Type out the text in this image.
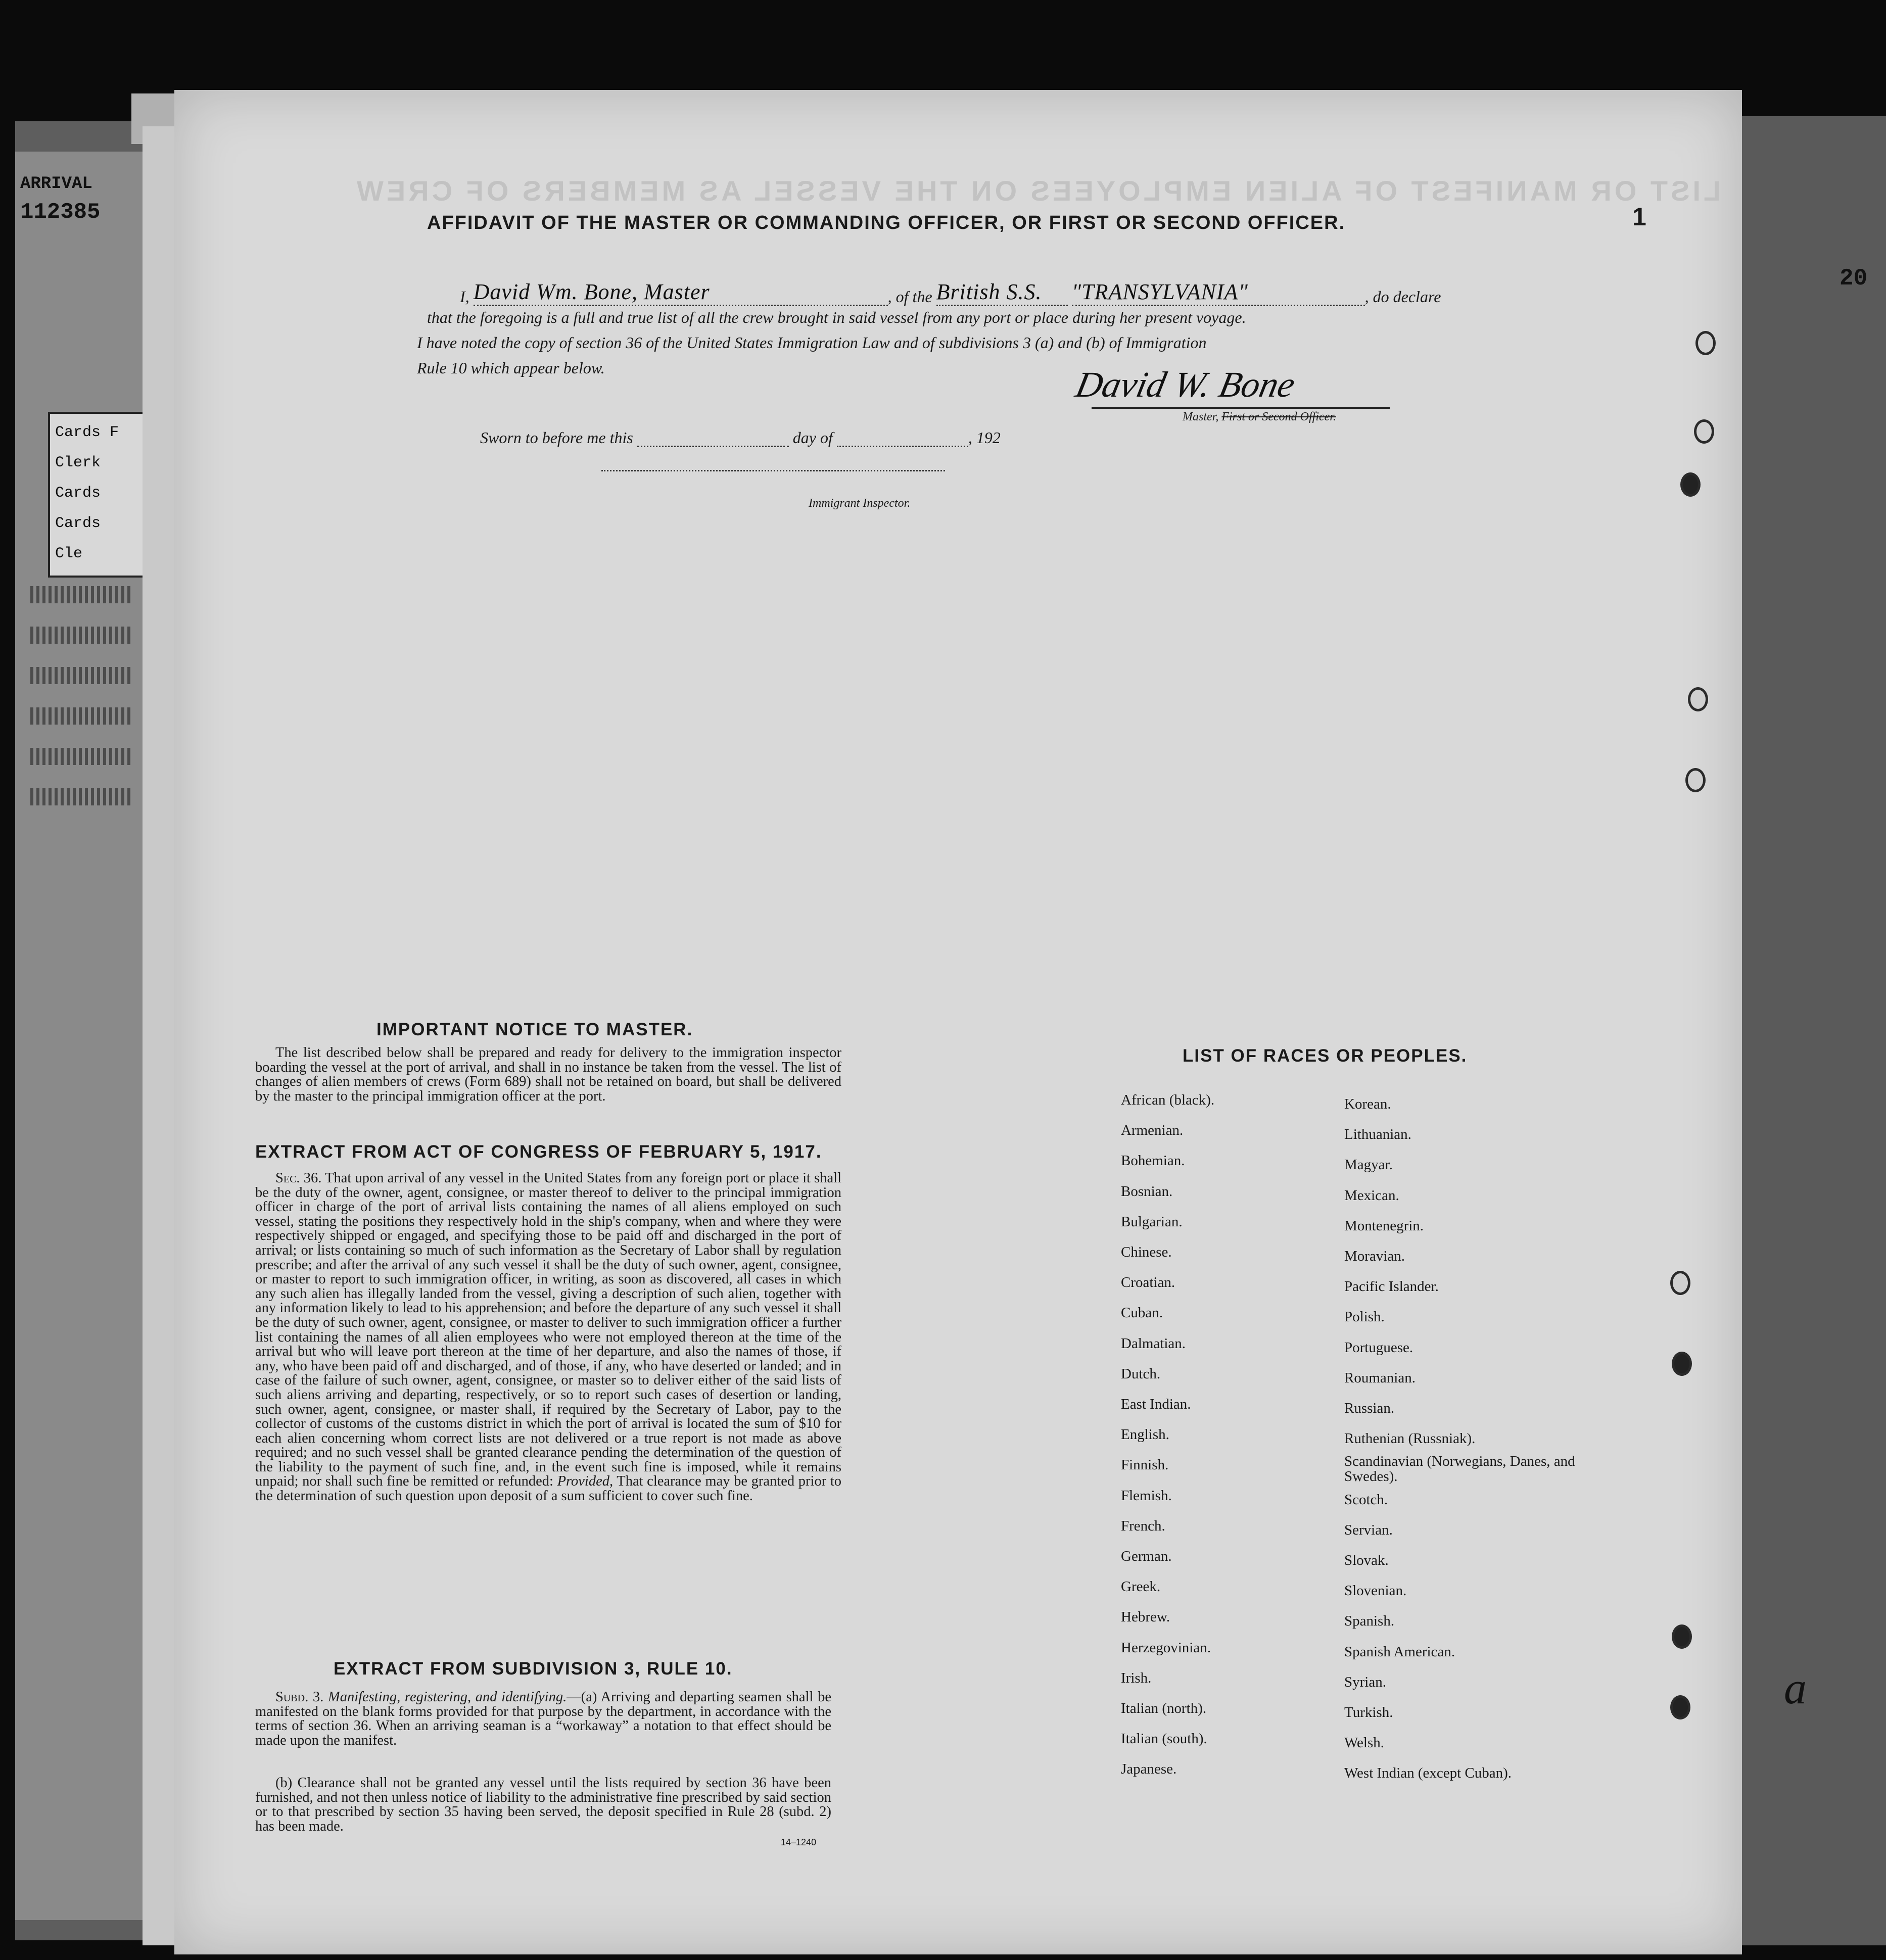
ARRIVAL
112385
20
Cards F
Clerk
Cards
Cards
Cle
LIST OR MANIFEST OF ALIEN EMPLOYEES ON THE VESSEL AS MEMBERS OF CREW
1
AFFIDAVIT OF THE MASTER OR COMMANDING OFFICER, OR FIRST OR SECOND OFFICER.
I, David Wm. Bone, Master	, of the British S.S. "TRANSYLVANIA"	, do declare
that the foregoing is a full and true list of all the crew brought in said vessel from any port or place during her present voyage.
I have noted the copy of section 36 of the United States Immigration Law and of subdivisions 3 (a) and (b) of Immigration
Rule 10 which appear below.	David W. Bone
Master, First or Second Officer.
Sworn to before me this	day of	, 192
Immigrant Inspector.
IMPORTANT NOTICE TO MASTER.
The list described below shall be prepared and ready for delivery to the immigration inspector boarding the vessel at the port of arrival, and shall in no instance be taken from the vessel. The list of changes of alien members of crews (Form 689) shall not be retained on board, but shall be delivered by the master to the principal immigration officer at the port.
EXTRACT FROM ACT OF CONGRESS OF FEBRUARY 5, 1917.
Sec. 36. That upon arrival of any vessel in the United States from any foreign port or place it shall be the duty of the owner, agent, consignee, or master thereof to deliver to the principal immigration officer in charge of the port of arrival lists containing the names of all aliens employed on such vessel, stating the positions they respectively hold in the ship's company, when and where they were respectively shipped or engaged, and specifying those to be paid off and discharged in the port of arrival; or lists containing so much of such information as the Secretary of Labor shall by regulation prescribe; and after the arrival of any such vessel it shall be the duty of such owner, agent, consignee, or master to report to such immigration officer, in writing, as soon as discovered, all cases in which any such alien has illegally landed from the vessel, giving a description of such alien, together with any information likely to lead to his apprehension; and before the departure of any such vessel it shall be the duty of such owner, agent, consignee, or master to deliver to such immigration officer a further list containing the names of all alien employees who were not employed thereon at the time of the arrival but who will leave port thereon at the time of her departure, and also the names of those, if any, who have been paid off and discharged, and of those, if any, who have deserted or landed; and in case of the failure of such owner, agent, consignee, or master so to deliver either of the said lists of such aliens arriving and departing, respectively, or so to report such cases of desertion or landing, such owner, agent, consignee, or master shall, if required by the Secretary of Labor, pay to the collector of customs of the customs district in which the port of arrival is located the sum of $10 for each alien concerning whom correct lists are not delivered or a true report is not made as above required; and no such vessel shall be granted clearance pending the determination of the question of the liability to the payment of such fine, and, in the event such fine is imposed, while it remains unpaid; nor shall such fine be remitted or refunded: Provided, That clearance may be granted prior to the determination of such question upon deposit of a sum sufficient to cover such fine.
EXTRACT FROM SUBDIVISION 3, RULE 10.
Subd. 3. Manifesting, registering, and identifying.—(a) Arriving and departing seamen shall be manifested on the blank forms provided for that purpose by the department, in accordance with the terms of section 36. When an arriving seaman is a “workaway” a notation to that effect should be made upon the manifest.
(b) Clearance shall not be granted any vessel until the lists required by section 36 have been furnished, and not then unless notice of liability to the administrative fine prescribed by said section or to that prescribed by section 35 having been served, the deposit specified in Rule 28 (subd. 2) has been made.
14–1240
LIST OF RACES OR PEOPLES.
African (black).
Armenian.
Bohemian.
Bosnian.
Bulgarian.
Chinese.
Croatian.
Cuban.
Dalmatian.
Dutch.
East Indian.
English.
Finnish.
Flemish.
French.
German.
Greek.
Hebrew.
Herzegovinian.
Irish.
Italian (north).
Italian (south).
Japanese.
Korean.
Lithuanian.
Magyar.
Mexican.
Montenegrin.
Moravian.
Pacific Islander.
Polish.
Portuguese.
Roumanian.
Russian.
Ruthenian (Russniak).
Scandinavian (Norwegians, Danes, and Swedes).
Scotch.
Servian.
Slovak.
Slovenian.
Spanish.
Spanish American.
Syrian.
Turkish.
Welsh.
West Indian (except Cuban).
a
